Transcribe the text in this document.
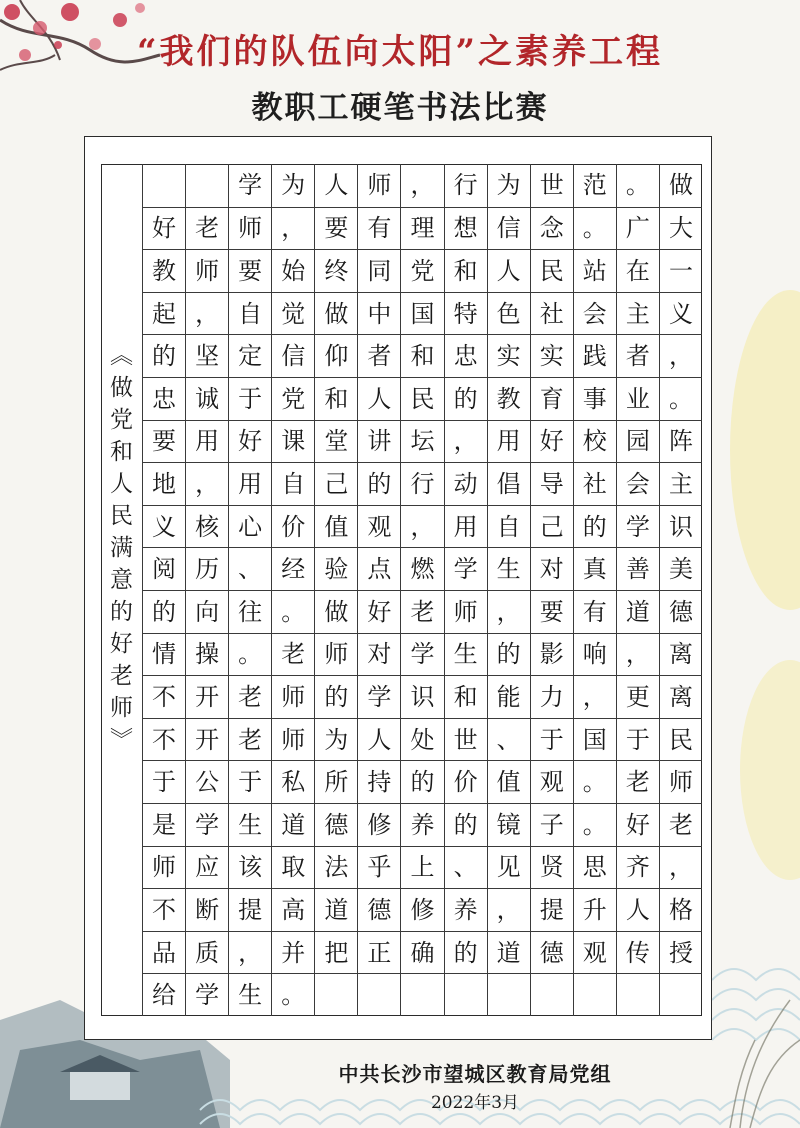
“我们的队伍向太阳”之素养工程
教职工硬笔书法比赛
︽
做
党
和
人
民
满
意
的
好
老
师
︾
学 为 人 师 ， 行 为 世 范 。 做
好 老 师 ， 要 有 理 想 信 念 。 广 大
教 师 要 始 终 同 党 和 人 民 站 在 一
起 ， 自 觉 做 中 国 特 色 社 会 主 义
的 坚 定 信 仰 者 和 忠 实 实 践 者 ，
忠 诚 于 党 和 人 民 的 教 育 事 业 。
要 用 好 课 堂 讲 坛 ， 用 好 校 园 阵
地 ， 用 自 己 的 行 动 倡 导 社 会 主
义 核 心 价 值 观 ， 用 自 己 的 学 识
阅 历 、 经 验 点 燃 学 生 对 真 善 美
的 向 往 。 做 好 老 师 ， 要 有 道 德
情 操 。 老 师 对 学 生 的 影 响 ， 离
不 开 老 师 的 学 识 和 能 力 ， 更 离
不 开 老 师 为 人 处 世 、 于 国 于 民
于 公 于 私 所 持 的 价 值 观 。 老 师
是 学 生 道 德 修 养 的 镜 子 。 好 老
师 应 该 取 法 乎 上 、 见 贤 思 齐 ，
不 断 提 高 道 德 修 养 ， 提 升 人 格
品 质 ， 并 把 正 确 的 道 德 观 传 授
给 学 生 。
中共长沙市望城区教育局党组
2022年3月
